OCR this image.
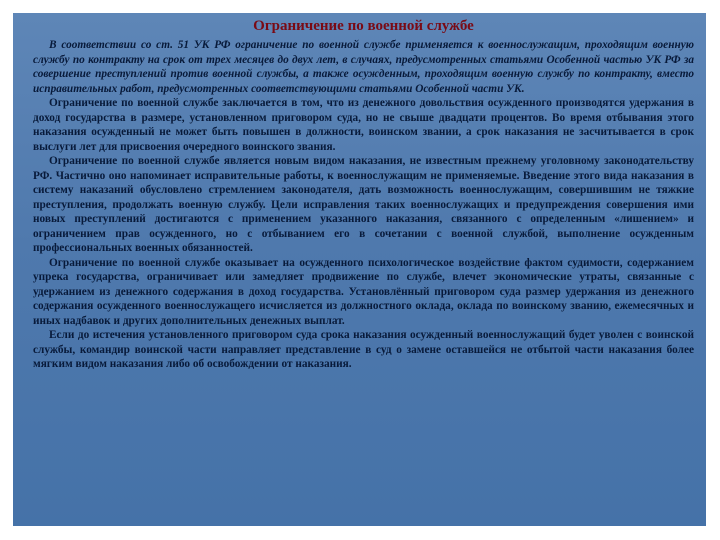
Ограничение по военной службе

В соответствии со ст. 51 УК РФ ограничение по военной службе применяется к военнослужащим, проходящим военную службу по контракту на срок от трех месяцев до двух лет, в случаях, предусмотренных статьями Особенной частью УК РФ за совершение преступлений против военной службы, а также осужденным, проходящим военную службу по контракту, вместо исправительных работ, предусмотренных соответствующими статьями Особенной части УК.

Ограничение по военной службе заключается в том, что из денежного довольствия осужденного производятся удержания в доход государства в размере, установленном приговором суда, но не свыше двадцати процентов. Во время отбывания этого наказания осужденный не может быть повышен в должности, воинском звании, а срок наказания не засчитывается в срок выслуги лет для присвоения очередного воинского звания.

Ограничение по военной службе является новым видом наказания, не известным прежнему уголовному законодательству РФ. Частично оно напоминает исправительные работы, к военнослужащим не применяемые. Введение этого вида наказания в систему наказаний обусловлено стремлением законодателя, дать возможность военнослужащим, совершившим не тяжкие преступления, продолжать военную службу. Цели исправления таких военнослужащих и предупреждения совершения ими новых преступлений достигаются с применением указанного наказания, связанного с определенным «лишением» и ограничением прав осужденного, но с отбыванием его в сочетании с военной службой, выполнение осужденным профессиональных военных обязанностей.

Ограничение по военной службе оказывает на осужденного психологическое воздействие фактом судимости, содержанием упрека государства, ограничивает или замедляет продвижение по службе, влечет экономические утраты, связанные с удержанием из денежного содержания в доход государства. Установлённый приговором суда размер удержания из денежного содержания осужденного военнослужащего исчисляется из должностного оклада, оклада по воинскому званию, ежемесячных и иных надбавок и других дополнительных денежных выплат.

Если до истечения установленного приговором суда срока наказания осужденный военнослужащий будет уволен с воинской службы, командир воинской части направляет представление в суд о замене оставшейся не отбытой части наказания более мягким видом наказания либо об освобождении от наказания.
